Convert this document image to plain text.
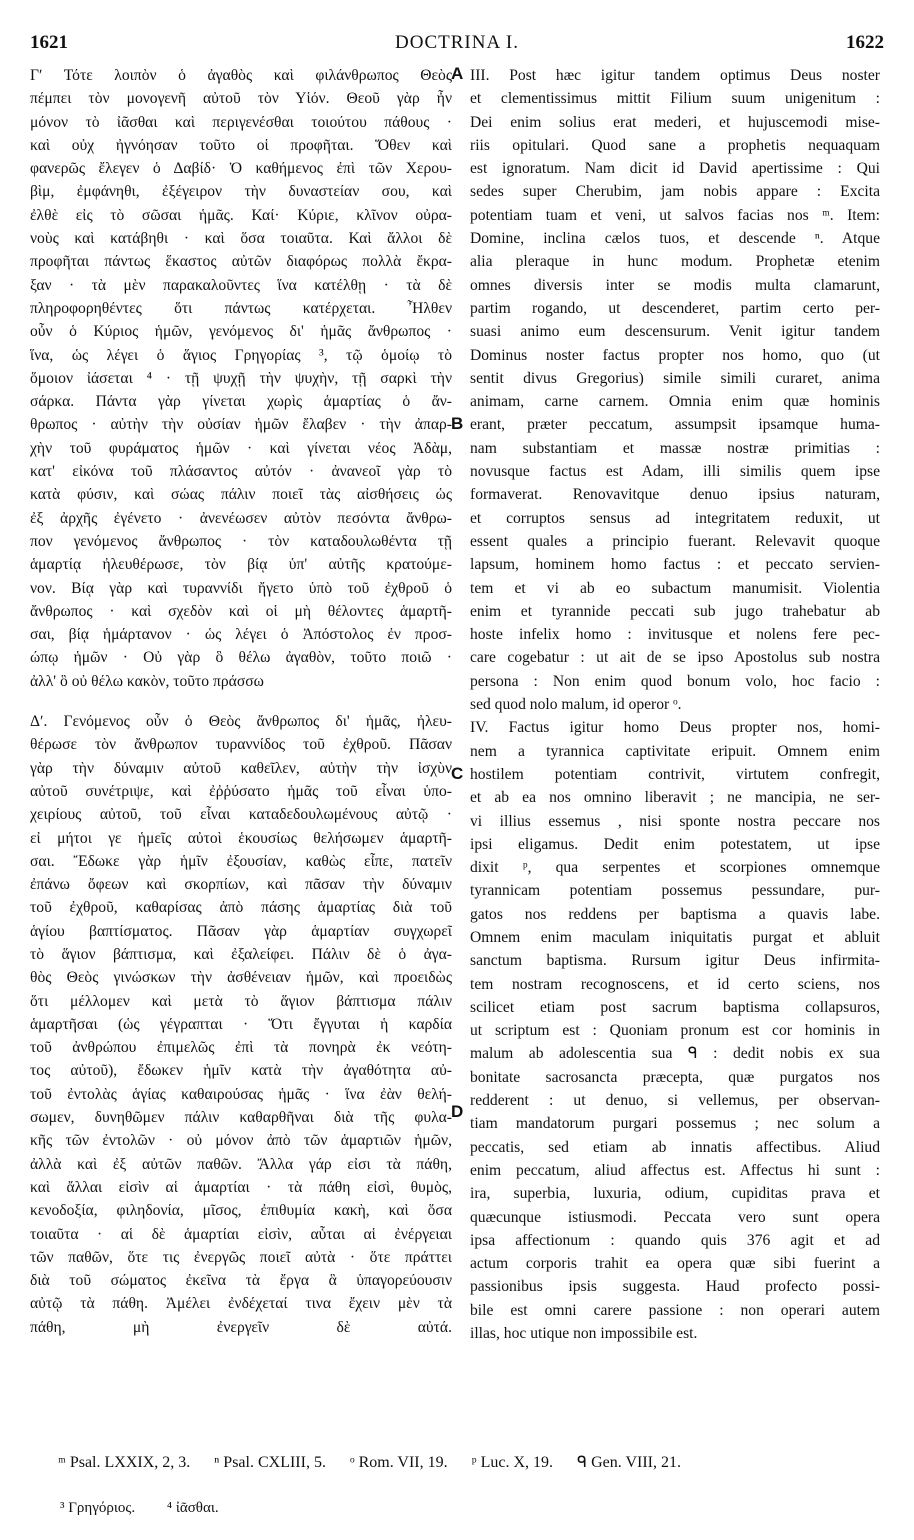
1621	DOCTRINA I.	1622
Γʹ Τότε λοιπὸν ὁ ἀγαθὸς καὶ φιλάνθρωπος Θεὸς
πέμπει τὸν μονογενῆ αὐτοῦ τὸν Υἱόν. Θεοῦ γὰρ ἦν
μόνον τὸ ἰᾶσθαι καὶ περιγενέσθαι τοιούτου πάθους ·
καὶ οὐχ ἠγνόησαν τοῦτο οἱ προφῆται. Ὅθεν καὶ
φανερῶς ἔλεγεν ὁ Δαβίδ· Ὁ καθήμενος ἐπὶ τῶν Χερου-
βὶμ, ἐμφάνηθι, ἐξέγειρον τὴν δυναστείαν σου, καὶ
ἐλθὲ εἰς τὸ σῶσαι ἡμᾶς. Καί· Κύριε, κλῖνον οὐρα-
νοὺς καὶ κατάβηθι · καὶ ὅσα τοιαῦτα. Καὶ ἄλλοι δὲ
προφῆται πάντως ἕκαστος αὐτῶν διαφόρως πολλὰ ἔκρα-
ξαν · τὰ μὲν παρακαλοῦντες ἵνα κατέλθῃ · τὰ δὲ
πληροφορηθέντες ὅτι πάντως κατέρχεται. Ἦλθεν
οὖν ὁ Κύριος ἡμῶν, γενόμενος δι' ἡμᾶς ἄνθρωπος ·
ἵνα, ὡς λέγει ὁ ἅγιος Γρηγορίας ³, τῷ ὁμοίῳ τὸ
ὅμοιον ἰάσεται ⁴ · τῇ ψυχῇ τὴν ψυχὴν, τῇ σαρκὶ τὴν
σάρκα. Πάντα γὰρ γίνεται χωρὶς ἁμαρτίας ὁ ἄν-
θρωπος · αὐτὴν τὴν οὐσίαν ἡμῶν ἔλαβεν · τὴν ἀπαρ-
χὴν τοῦ φυράματος ἡμῶν · καὶ γίνεται νέος Ἀδὰμ,
κατ' εἰκόνα τοῦ πλάσαντος αὐτόν · ἀνανεοῖ γὰρ τὸ
κατὰ φύσιν, καὶ σώας πάλιν ποιεῖ τὰς αἰσθήσεις ὡς
ἐξ ἀρχῆς ἐγένετο · ἀνενέωσεν αὐτὸν πεσόντα ἄνθρω-
πον γενόμενος ἄνθρωπος · τὸν καταδουλωθέντα τῇ
ἁμαρτίᾳ ἠλευθέρωσε, τὸν βίᾳ ὑπ' αὐτῆς κρατούμε-
νον. Βίᾳ γὰρ καὶ τυραννίδι ἤγετο ὑπὸ τοῦ ἐχθροῦ ὁ
ἄνθρωπος · καὶ σχεδὸν καὶ οἱ μὴ θέλοντες ἁμαρτῆ-
σαι, βίᾳ ἡμάρτανον · ὡς λέγει ὁ Ἀπόστολος ἐν προσ-
ώπῳ ἡμῶν · Οὐ γὰρ ὃ θέλω ἀγαθὸν, τοῦτο ποιῶ ·
ἀλλ' ὃ οὐ θέλω κακὸν, τοῦτο πράσσω
Δʹ. Γενόμενος οὖν ὁ Θεὸς ἄνθρωπος δι' ἡμᾶς, ἠλευ-
θέρωσε τὸν ἄνθρωπον τυραννίδος τοῦ ἐχθροῦ. Πᾶσαν
γὰρ τὴν δύναμιν αὐτοῦ καθεῖλεν, αὐτὴν τὴν ἰσχὺν
αὐτοῦ συνέτριψε, καὶ ἐῤῥύσατο ἡμᾶς τοῦ εἶναι ὑπο-
χειρίους αὐτοῦ, τοῦ εἶναι καταδεδουλωμένους αὐτῷ ·
εἰ μήτοι γε ἡμεῖς αὐτοὶ ἑκουσίως θελήσωμεν ἁμαρτῆ-
σαι. Ἔδωκε γὰρ ἡμῖν ἐξουσίαν, καθὼς εἶπε, πατεῖν
ἐπάνω ὄφεων καὶ σκορπίων, καὶ πᾶσαν τὴν δύναμιν
τοῦ ἐχθροῦ, καθαρίσας ἀπὸ πάσης ἁμαρτίας διὰ τοῦ
ἁγίου βαπτίσματος. Πᾶσαν γὰρ ἁμαρτίαν συγχωρεῖ
τὸ ἅγιον βάπτισμα, καὶ ἐξαλείφει. Πάλιν δὲ ὁ ἀγα-
θὸς Θεὸς γινώσκων τὴν ἀσθένειαν ἡμῶν, καὶ προειδὼς
ὅτι μέλλομεν καὶ μετὰ τὸ ἅγιον βάπτισμα πάλιν
ἁμαρτῆσαι (ὡς γέγραπται · Ὅτι ἔγγυται ἡ καρδία
τοῦ ἀνθρώπου ἐπιμελῶς ἐπὶ τὰ πονηρὰ ἐκ νεότη-
τος αὐτοῦ), ἔδωκεν ἡμῖν κατὰ τὴν ἀγαθότητα αὐ-
τοῦ ἐντολὰς ἁγίας καθαιρούσας ἡμᾶς · ἵνα ἐὰν θελή-
σωμεν, δυνηθῶμεν πάλιν καθαρθῆναι διὰ τῆς φυλα-
κῆς τῶν ἐντολῶν · οὐ μόνον ἀπὸ τῶν ἁμαρτιῶν ἡμῶν,
ἀλλὰ καὶ ἐξ αὐτῶν παθῶν. Ἄλλα γάρ εἰσι τὰ πάθη,
καὶ ἄλλαι εἰσὶν αἱ ἁμαρτίαι · τὰ πάθη εἰσὶ, θυμὸς,
κενοδοξία, φιληδονία, μῖσος, ἐπιθυμία κακὴ, καὶ ὅσα
τοιαῦτα · αἱ δὲ ἁμαρτίαι εἰσὶν, αὗται αἱ ἐνέργειαι
τῶν παθῶν, ὅτε τις ἐνεργῶς ποιεῖ αὐτὰ · ὅτε πράττει
διὰ τοῦ σώματος ἐκεῖνα τὰ ἔργα ἃ ὑπαγορεύουσιν
αὐτῷ τὰ πάθη. Ἀμέλει ἐνδέχεταί τινα ἔχειν μὲν τὰ
πάθη, μὴ ἐνεργεῖν δὲ αὐτά.
III. Post hæc igitur tandem optimus Deus noster
et clementissimus mittit Filium suum unigenitum :
Dei enim solius erat mederi, et hujuscemodi mise-
riis opitulari. Quod sane a prophetis nequaquam
est ignoratum. Nam dicit id David apertissime : Qui
sedes super Cherubim, jam nobis appare : Excita
potentiam tuam et veni, ut salvos facias nos ᵐ. Item:
Domine, inclina cælos tuos, et descende ⁿ. Atque
alia pleraque in hunc modum. Prophetæ etenim
omnes diversis inter se modis multa clamarunt,
partim rogando, ut descenderet, partim certo per-
suasi animo eum descensurum. Venit igitur tandem
Dominus noster factus propter nos homo, quo (ut
sentit divus Gregorius) simile simili curaret, anima
animam, carne carnem. Omnia enim quæ hominis
erant, præter peccatum, assumpsit ipsamque huma-
nam substantiam et massæ nostræ primitias :
novusque factus est Adam, illi similis quem ipse
formaverat. Renovavitque denuo ipsius naturam,
et corruptos sensus ad integritatem reduxit, ut
essent quales a principio fuerant. Relevavit quoque
lapsum, hominem homo factus : et peccato servien-
tem et vi ab eo subactum manumisit. Violentia
enim et tyrannide peccati sub jugo trahebatur ab
hoste infelix homo : invitusque et nolens fere pec-
care cogebatur : ut ait de se ipso Apostolus sub nostra
persona : Non enim quod bonum volo, hoc facio :
sed quod nolo malum, id operor ᵒ.
IV. Factus igitur homo Deus propter nos, homi-
nem a tyrannica captivitate eripuit. Omnem enim
hostilem potentiam contrivit, virtutem confregit,
et ab ea nos omnino liberavit ; ne mancipia, ne ser-
vi illius essemus , nisi sponte nostra peccare nos
ipsi eligamus. Dedit enim potestatem, ut ipse
dixit ᵖ, qua serpentes et scorpiones omnemque
tyrannicam potentiam possemus pessundare, pur-
gatos nos reddens per baptisma a quavis labe.
Omnem enim maculam iniquitatis purgat et abluit
sanctum baptisma. Rursum igitur Deus infirmita-
tem nostram recognoscens, et id certo sciens, nos
scilicet etiam post sacrum baptisma collapsuros,
ut scriptum est : Quoniam pronum est cor hominis in
malum ab adolescentia sua ᑫ : dedit nobis ex sua
bonitate sacrosancta præcepta, quæ purgatos nos
redderent : ut denuo, si vellemus, per observan-
tiam mandatorum purgari possemus ; nec solum a
peccatis, sed etiam ab innatis affectibus. Aliud
enim peccatum, aliud affectus est. Affectus hi sunt :
ira, superbia, luxuria, odium, cupiditas prava et
quæcunque istiusmodi. Peccata vero sunt opera
ipsa affectionum : quando quis 376 agit et ad
actum corporis trahit ea opera quæ sibi fuerint a
passionibus ipsis suggesta. Haud profecto possi-
bile est omni carere passione : non operari autem
illas, hoc utique non impossibile est.
A
B
C
D
ᵐ Psal. LXXIX, 2, 3. ⁿ Psal. CXLIII, 5. ᵒ Rom. VII, 19. ᵖ Luc. X, 19. ᑫ Gen. VIII, 21.
³ Γρηγόριος. ⁴ ἰᾶσθαι.
